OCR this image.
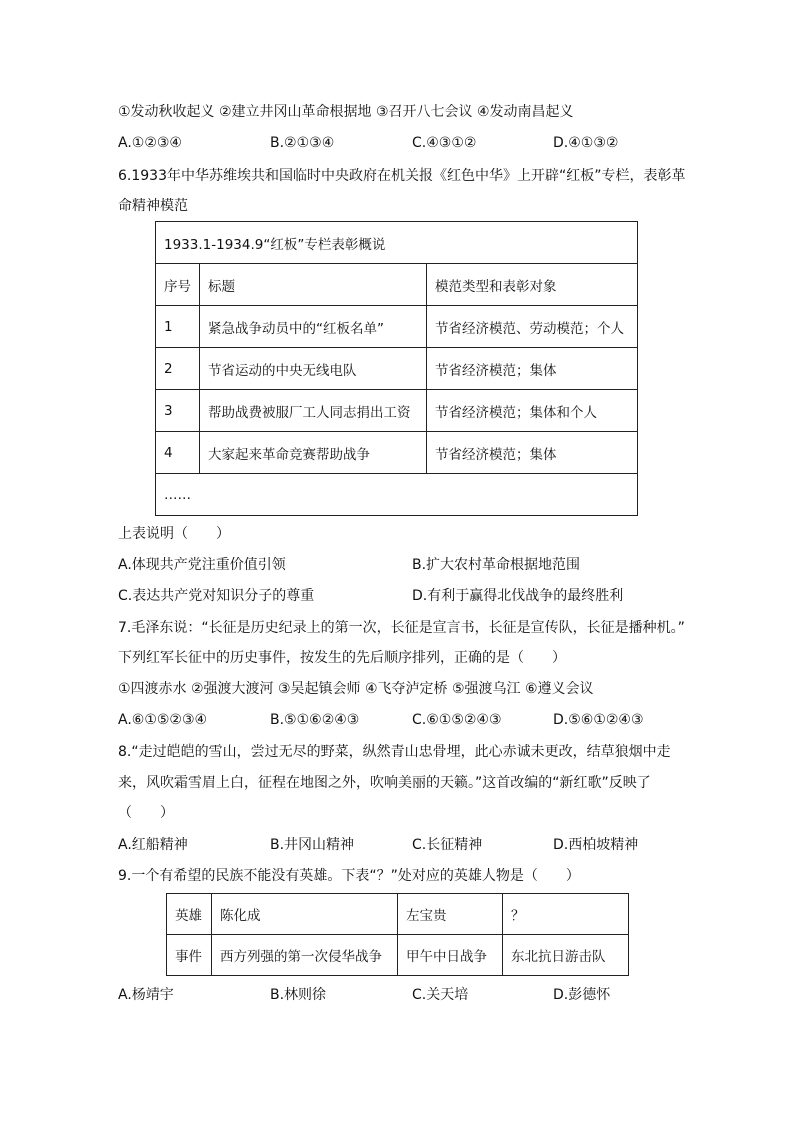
①发动秋收起义 ②建立井冈山革命根据地 ③召开八七会议 ④发动南昌起义
A.①②③④	B.②①③④	C.④③①②	D.④①③②
6.1933年中华苏维埃共和国临时中央政府在机关报《红色中华》上开辟“红板”专栏，表彰革
命精神模范
1933.1-1934.9“红板”专栏表彰概说		
序号	标题	模范类型和表彰对象
1	紧急战争动员中的“红板名单”	节省经济模范、劳动模范；个人
2	节省运动的中央无线电队	节省经济模范；集体
3	帮助战费被服厂工人同志捐出工资	节省经济模范；集体和个人
4	大家起来革命竞赛帮助战争	节省经济模范；集体
……		
上表说明（　　）
A.体现共产党注重价值引领	B.扩大农村革命根据地范围
C.表达共产党对知识分子的尊重	D.有利于赢得北伐战争的最终胜利
7.毛泽东说：“长征是历史纪录上的第一次，长征是宣言书，长征是宣传队，长征是播种机。”
下列红军长征中的历史事件，按发生的先后顺序排列，正确的是（　　）
①四渡赤水 ②强渡大渡河 ③吴起镇会师 ④飞夺泸定桥 ⑤强渡乌江 ⑥遵义会议
A.⑥①⑤②③④	B.⑤①⑥②④③	C.⑥①⑤②④③	D.⑤⑥①②④③
8.“走过皑皑的雪山，尝过无尽的野菜，纵然青山忠骨埋，此心赤诚未更改，结草狼烟中走
来，风吹霜雪眉上白，征程在地图之外，吹响美丽的天籁。”这首改编的“新红歌”反映了
（　　）
A.红船精神	B.井冈山精神	C.长征精神	D.西柏坡精神
9.一个有希望的民族不能没有英雄。下表“？”处对应的英雄人物是（　　）
英雄	陈化成	左宝贵	？
事件	西方列强的第一次侵华战争	甲午中日战争	东北抗日游击队
A.杨靖宇	B.林则徐	C.关天培	D.彭德怀
